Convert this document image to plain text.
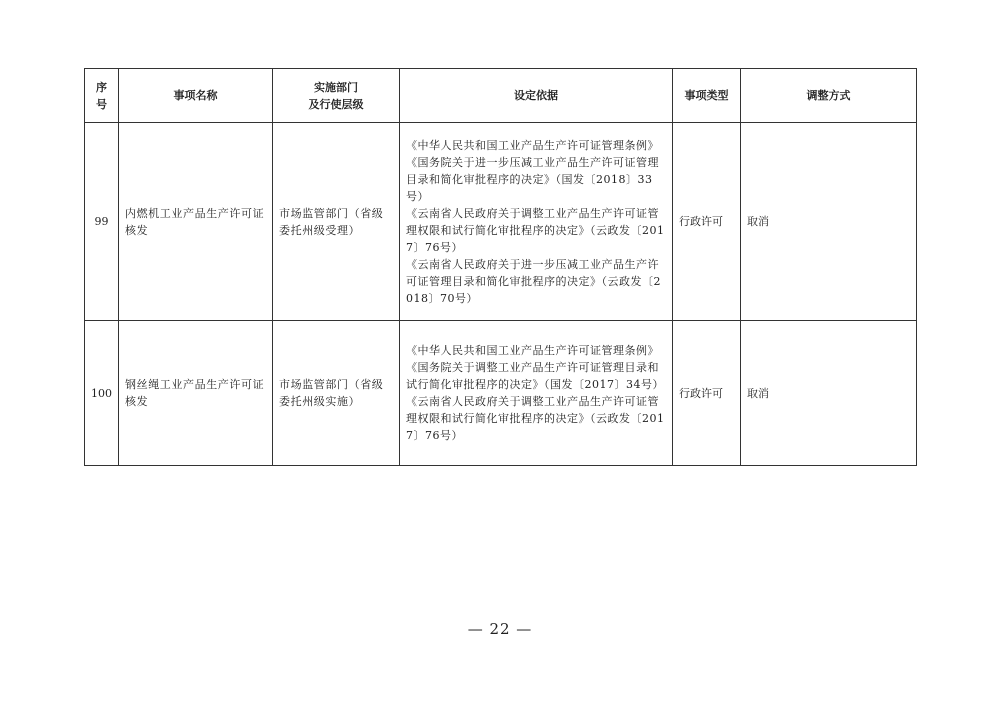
序
号	事项名称	实施部门
及行使层级	设定依据	事项类型	调整方式
99	内燃机工业产品生产许可证核发	市场监管部门（省级委托州级受理）	《中华人民共和国工业产品生产许可证管理条例》
《国务院关于进一步压减工业产品生产许可证管理目录和简化审批程序的决定》（国发〔2018〕33号）
《云南省人民政府关于调整工业产品生产许可证管理权限和试行简化审批程序的决定》（云政发〔2017〕76号）
《云南省人民政府关于进一步压减工业产品生产许可证管理目录和简化审批程序的决定》（云政发〔2018〕70号）	行政许可	取消
100	钢丝绳工业产品生产许可证核发	市场监管部门（省级委托州级实施）	《中华人民共和国工业产品生产许可证管理条例》
《国务院关于调整工业产品生产许可证管理目录和试行简化审批程序的决定》（国发〔2017〕34号）
《云南省人民政府关于调整工业产品生产许可证管理权限和试行简化审批程序的决定》（云政发〔2017〕76号）	行政许可	取消
— 22 —
